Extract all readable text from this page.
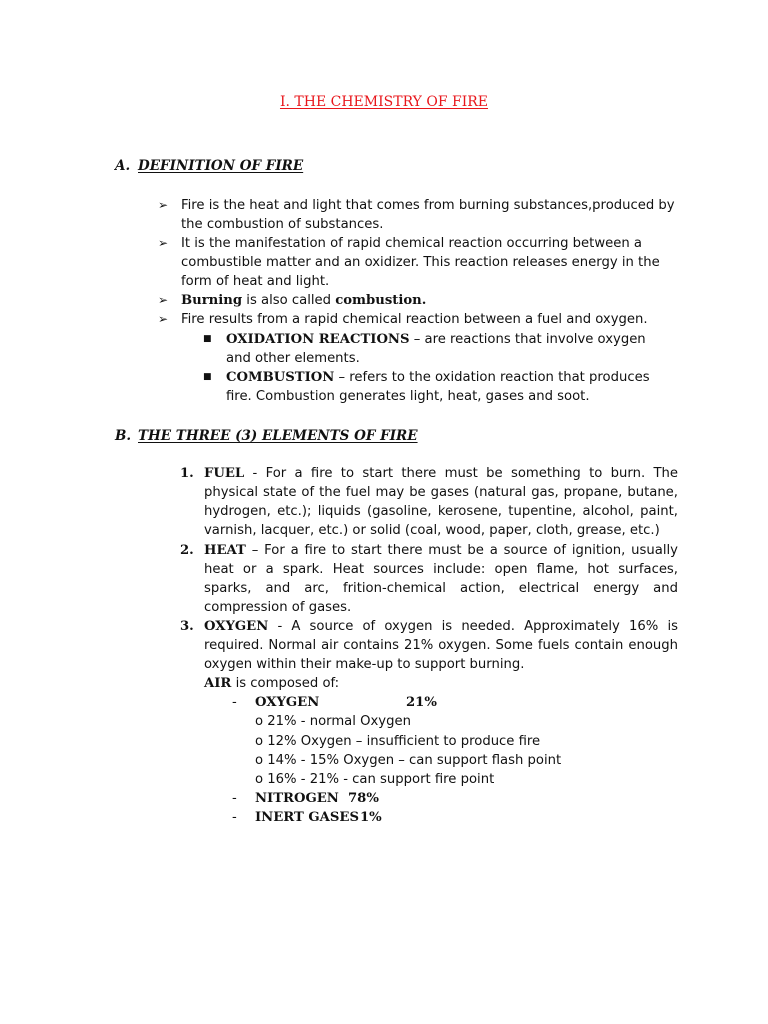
I. THE CHEMISTRY OF FIRE
A. DEFINITION OF FIRE
➢ Fire is the heat and light that comes from burning substances,produced by the combustion of substances.
➢ It is the manifestation of rapid chemical reaction occurring between a combustible matter and an oxidizer. This reaction releases energy in the form of heat and light.
➢ Burning is also called combustion.
➢ Fire results from a rapid chemical reaction between a fuel and oxygen.
■ OXIDATION REACTIONS – are reactions that involve oxygen and other elements.
■ COMBUSTION – refers to the oxidation reaction that produces fire. Combustion generates light, heat, gases and soot.
B. THE THREE (3) ELEMENTS OF FIRE
1. FUEL - For a fire to start there must be something to burn. The physical state of the fuel may be gases (natural gas, propane, butane, hydrogen, etc.); liquids (gasoline, kerosene, tupentine, alcohol, paint, varnish, lacquer, etc.) or solid (coal, wood, paper, cloth, grease, etc.)
2. HEAT – For a fire to start there must be a source of ignition, usually heat or a spark. Heat sources include: open flame, hot surfaces, sparks, and arc, frition-chemical action, electrical energy and compression of gases.
3. OXYGEN - A source of oxygen is needed. Approximately 16% is required. Normal air contains 21% oxygen. Some fuels contain enough oxygen within their make-up to support burning.
AIR is composed of:
- OXYGEN	21%
o 21% - normal Oxygen
o 12% Oxygen – insufficient to produce fire
o 14% - 15% Oxygen – can support flash point
o 16% - 21% - can support fire point
- NITROGEN 78%
- INERT GASES 1%
